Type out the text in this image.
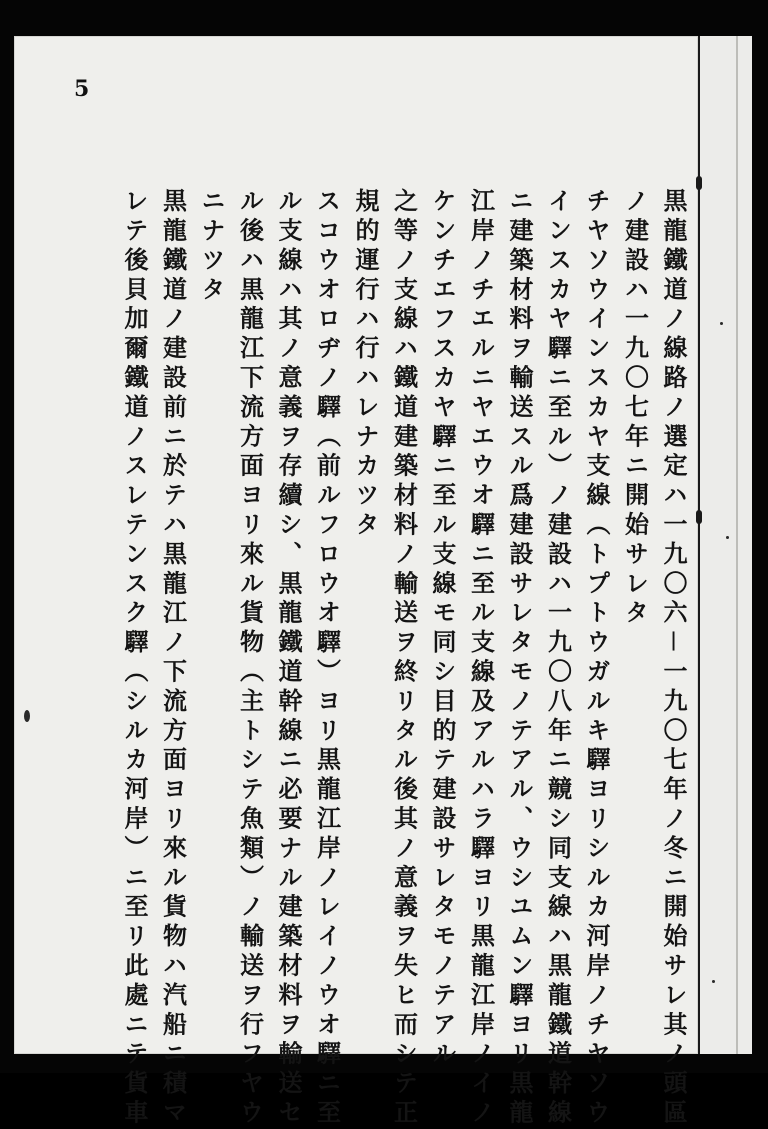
5
黒龍鐵道ノ線路ノ選定ハ一九〇六－一九〇七年ノ冬ニ開始サレ其ノ頭區
ノ建設ハ一九〇七年ニ開始サレタ
チヤソウインスカヤ支線（トプトウガルキ驛ヨリシルカ河岸ノチヤソウ
インスカヤ驛ニ至ル）ノ建設ハ一九〇八年ニ竸シ同支線ハ黒龍鐵道幹線
ニ建築材料ヲ輸送スル爲建設サレタモノテアル、ウシユムン驛ヨリ黒龍
江岸ノチエルニヤエウオ驛ニ至ル支線及アルハラ驛ヨリ黒龍江岸ノイノ
ケンチエフスカヤ驛ニ至ル支線モ同シ目的テ建設サレタモノテアル
之等ノ支線ハ鐵道建築材料ノ輸送ヲ終リタル後其ノ意義ヲ失ヒ而シテ正
規的運行ハ行ハレナカツタ
スコウオロヂノ驛（前ルフロウオ驛）ヨリ黒龍江岸ノレイノウオ驛ニ至
ル支線ハ其ノ意義ヲ存續シ、黒龍鐵道幹線ニ必要ナル建築材料ヲ輸送セ
ル後ハ黒龍江下流方面ヨリ來ル貨物（主トシテ魚類）ノ輸送ヲ行フヤウ
ニナツタ
黒龍鐵道ノ建設前ニ於テハ黒龍江ノ下流方面ヨリ來ル貨物ハ汽船ニ積マ
レテ後貝加爾鐵道ノスレテンスク驛（シルカ河岸）ニ至リ此處ニテ貨車
